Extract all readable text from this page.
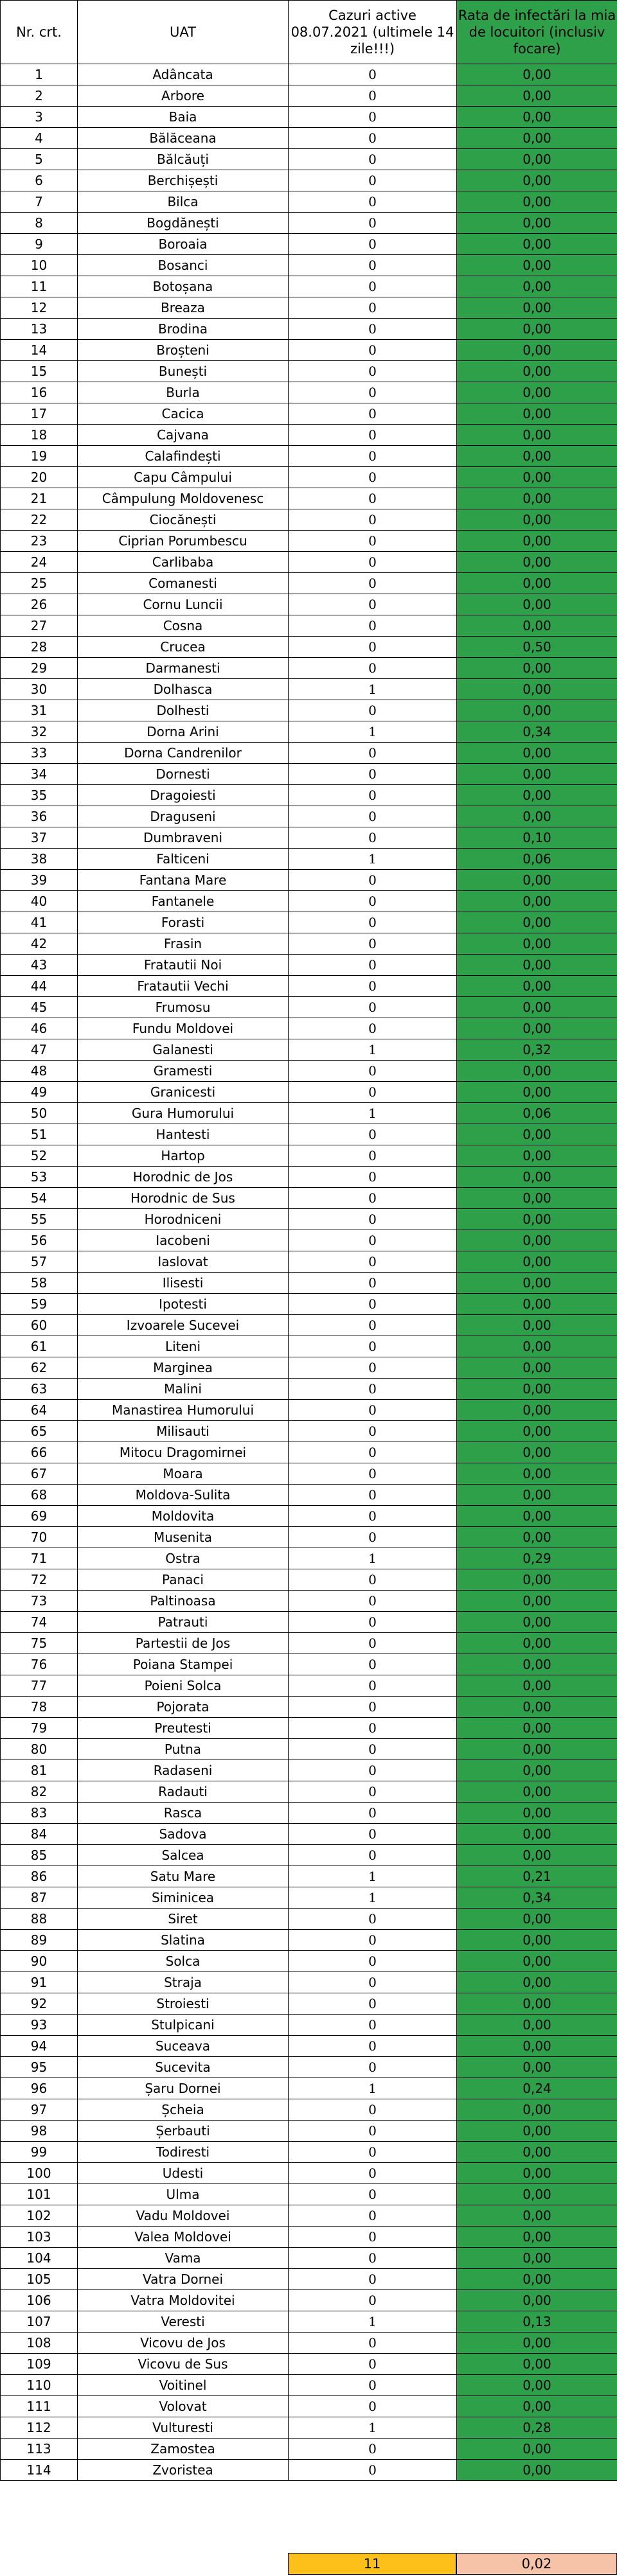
Nr. crt.	UAT	Cazuri active 08.07.2021 (ultimele 14 zile!!!)	Rata de infectări la mia de locuitori (inclusiv focare)
1	Adâncata	0	0,00
2	Arbore	0	0,00
3	Baia	0	0,00
4	Bălăceana	0	0,00
5	Bălcăuți	0	0,00
6	Berchișești	0	0,00
7	Bilca	0	0,00
8	Bogdănești	0	0,00
9	Boroaia	0	0,00
10	Bosanci	0	0,00
11	Botoșana	0	0,00
12	Breaza	0	0,00
13	Brodina	0	0,00
14	Broșteni	0	0,00
15	Bunești	0	0,00
16	Burla	0	0,00
17	Cacica	0	0,00
18	Cajvana	0	0,00
19	Calafindești	0	0,00
20	Capu Câmpului	0	0,00
21	Câmpulung Moldovenesc	0	0,00
22	Ciocănești	0	0,00
23	Ciprian Porumbescu	0	0,00
24	Carlibaba	0	0,00
25	Comanesti	0	0,00
26	Cornu Luncii	0	0,00
27	Cosna	0	0,00
28	Crucea	0	0,50
29	Darmanesti	0	0,00
30	Dolhasca	1	0,00
31	Dolhesti	0	0,00
32	Dorna Arini	1	0,34
33	Dorna Candrenilor	0	0,00
34	Dornesti	0	0,00
35	Dragoiesti	0	0,00
36	Draguseni	0	0,00
37	Dumbraveni	0	0,10
38	Falticeni	1	0,06
39	Fantana Mare	0	0,00
40	Fantanele	0	0,00
41	Forasti	0	0,00
42	Frasin	0	0,00
43	Fratautii Noi	0	0,00
44	Fratautii Vechi	0	0,00
45	Frumosu	0	0,00
46	Fundu Moldovei	0	0,00
47	Galanesti	1	0,32
48	Gramesti	0	0,00
49	Granicesti	0	0,00
50	Gura Humorului	1	0,06
51	Hantesti	0	0,00
52	Hartop	0	0,00
53	Horodnic de Jos	0	0,00
54	Horodnic de Sus	0	0,00
55	Horodniceni	0	0,00
56	Iacobeni	0	0,00
57	Iaslovat	0	0,00
58	Ilisesti	0	0,00
59	Ipotesti	0	0,00
60	Izvoarele Sucevei	0	0,00
61	Liteni	0	0,00
62	Marginea	0	0,00
63	Malini	0	0,00
64	Manastirea Humorului	0	0,00
65	Milisauti	0	0,00
66	Mitocu Dragomirnei	0	0,00
67	Moara	0	0,00
68	Moldova-Sulita	0	0,00
69	Moldovita	0	0,00
70	Musenita	0	0,00
71	Ostra	1	0,29
72	Panaci	0	0,00
73	Paltinoasa	0	0,00
74	Patrauti	0	0,00
75	Partestii de Jos	0	0,00
76	Poiana Stampei	0	0,00
77	Poieni Solca	0	0,00
78	Pojorata	0	0,00
79	Preutesti	0	0,00
80	Putna	0	0,00
81	Radaseni	0	0,00
82	Radauti	0	0,00
83	Rasca	0	0,00
84	Sadova	0	0,00
85	Salcea	0	0,00
86	Satu Mare	1	0,21
87	Siminicea	1	0,34
88	Siret	0	0,00
89	Slatina	0	0,00
90	Solca	0	0,00
91	Straja	0	0,00
92	Stroiesti	0	0,00
93	Stulpicani	0	0,00
94	Suceava	0	0,00
95	Sucevita	0	0,00
96	Șaru Dornei	1	0,24
97	Șcheia	0	0,00
98	Șerbauti	0	0,00
99	Todiresti	0	0,00
100	Udesti	0	0,00
101	Ulma	0	0,00
102	Vadu Moldovei	0	0,00
103	Valea Moldovei	0	0,00
104	Vama	0	0,00
105	Vatra Dornei	0	0,00
106	Vatra Moldovitei	0	0,00
107	Veresti	1	0,13
108	Vicovu de Jos	0	0,00
109	Vicovu de Sus	0	0,00
110	Voitinel	0	0,00
111	Volovat	0	0,00
112	Vulturesti	1	0,28
113	Zamostea	0	0,00
114	Zvoristea	0	0,00
11	0,02
